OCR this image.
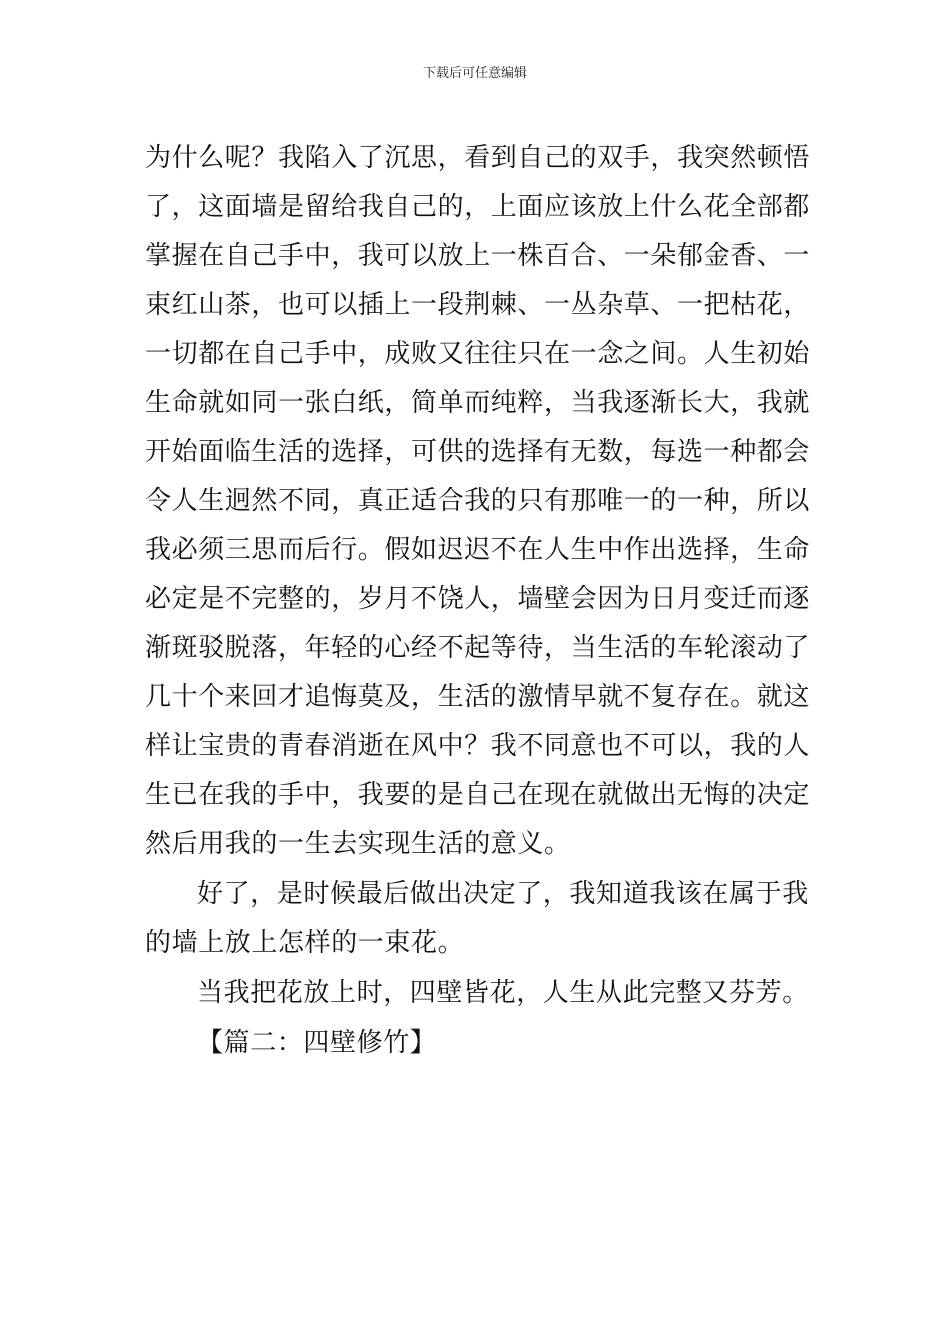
下载后可任意编辑
为什么呢？我陷入了沉思，看到自己的双手，我突然顿悟
了，这面墙是留给我自己的，上面应该放上什么花全部都
掌握在自己手中，我可以放上一株百合、一朵郁金香、一
束红山茶，也可以插上一段荆棘、一丛杂草、一把枯花，
一切都在自己手中，成败又往往只在一念之间。人生初始
生命就如同一张白纸，简单而纯粹，当我逐渐长大，我就
开始面临生活的选择，可供的选择有无数，每选一种都会
令人生迥然不同，真正适合我的只有那唯一的一种，所以
我必须三思而后行。假如迟迟不在人生中作出选择，生命
必定是不完整的，岁月不饶人，墙壁会因为日月变迁而逐
渐斑驳脱落，年轻的心经不起等待，当生活的车轮滚动了
几十个来回才追悔莫及，生活的激情早就不复存在。就这
样让宝贵的青春消逝在风中？我不同意也不可以，我的人
生已在我的手中，我要的是自己在现在就做出无悔的决定
然后用我的一生去实现生活的意义。
好了，是时候最后做出决定了，我知道我该在属于我
的墙上放上怎样的一束花。
当我把花放上时，四壁皆花，人生从此完整又芬芳。
【篇二：四壁修竹】
